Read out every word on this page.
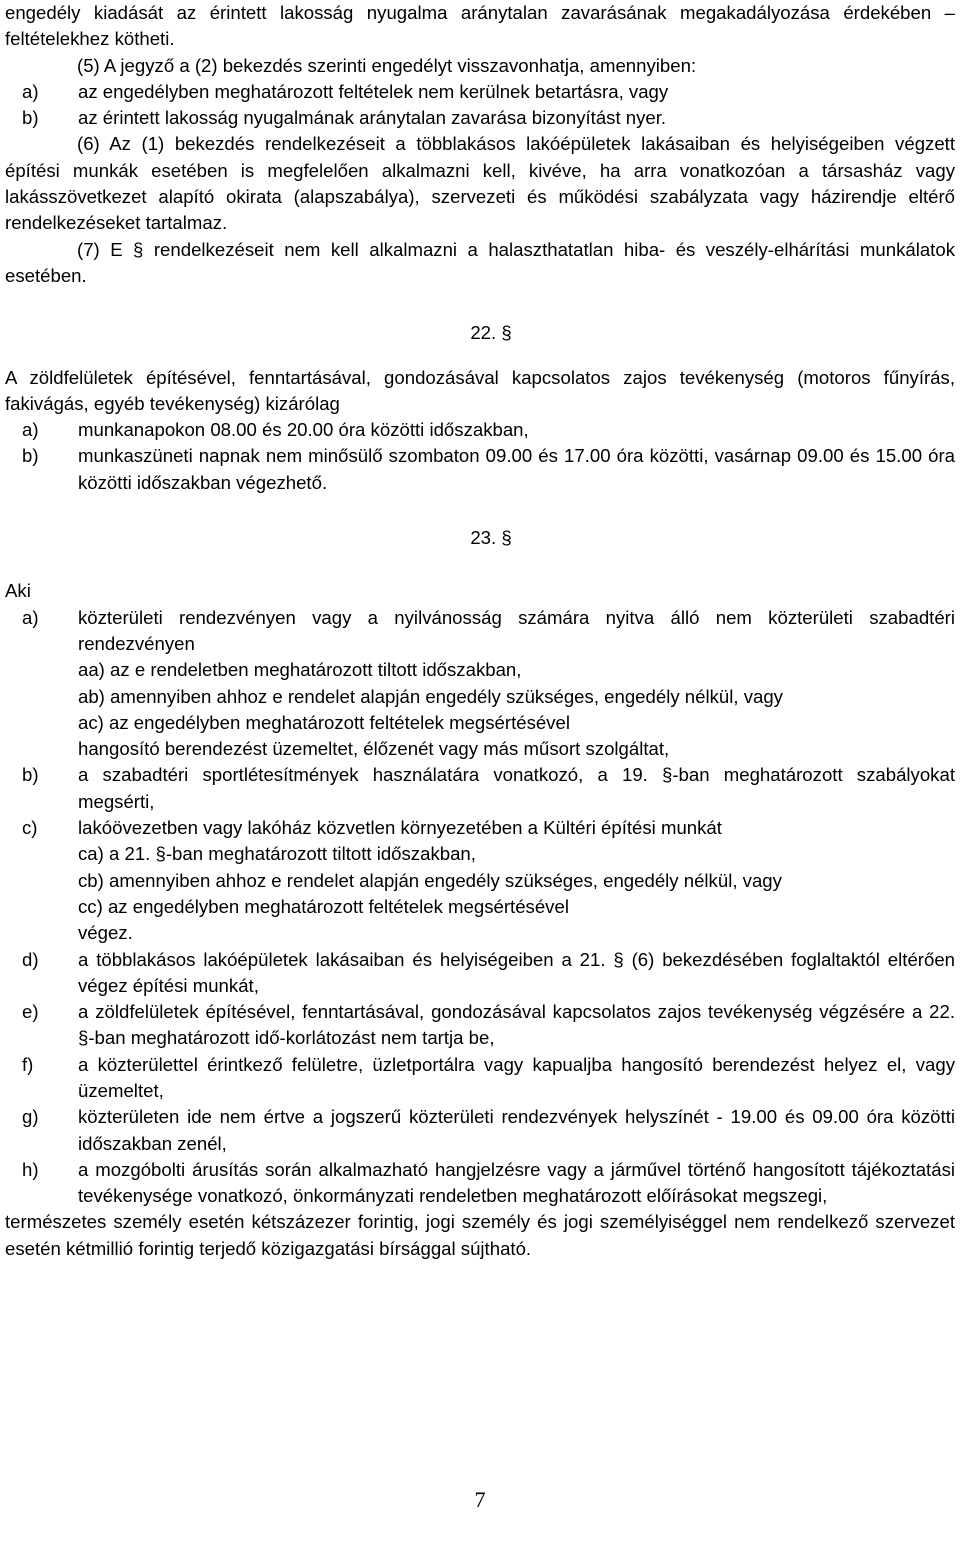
engedély kiadását az érintett lakosság nyugalma aránytalan zavarásának megakadályozása érdekében – feltételekhez kötheti.

(5) A jegyző a (2) bekezdés szerinti engedélyt visszavonhatja, amennyiben:

a)	az engedélyben meghatározott feltételek nem kerülnek betartásra, vagy
b)	az érintett lakosság nyugalmának aránytalan zavarása bizonyítást nyer.

(6) Az (1) bekezdés rendelkezéseit a többlakásos lakóépületek lakásaiban és helyiségeiben végzett építési munkák esetében is megfelelően alkalmazni kell, kivéve, ha arra vonatkozóan a társasház vagy lakásszövetkezet alapító okirata (alapszabálya), szervezeti és működési szabályzata vagy házirendje eltérő rendelkezéseket tartalmaz.

(7) E § rendelkezéseit nem kell alkalmazni a halaszthatatlan hiba- és veszély-elhárítási munkálatok esetében.

22. §

A zöldfelületek építésével, fenntartásával, gondozásával kapcsolatos zajos tevékenység (motoros fűnyírás, fakivágás, egyéb tevékenység) kizárólag

a)	munkanapokon 08.00 és 20.00 óra közötti időszakban,
b)	munkaszüneti napnak nem minősülő szombaton 09.00 és 17.00 óra közötti, vasárnap 09.00 és 15.00 óra közötti időszakban végezhető.

23. §

Aki

a)	közterületi rendezvényen vagy a nyilvánosság számára nyitva álló nem közterületi szabadtéri rendezvényen

aa) az e rendeletben meghatározott tiltott időszakban,

ab) amennyiben ahhoz e rendelet alapján engedély szükséges, engedély nélkül, vagy

ac) az engedélyben meghatározott feltételek megsértésével

hangosító berendezést üzemeltet, élőzenét vagy más műsort szolgáltat,

b)	a szabadtéri sportlétesítmények használatára vonatkozó, a 19. §-ban meghatározott szabályokat megsérti,
c)	lakóövezetben vagy lakóház közvetlen környezetében a Kültéri építési munkát

ca) a 21. §-ban meghatározott tiltott időszakban,

cb) amennyiben ahhoz e rendelet alapján engedély szükséges, engedély nélkül, vagy

cc) az engedélyben meghatározott feltételek megsértésével

végez.

d)	a többlakásos lakóépületek lakásaiban és helyiségeiben a 21. § (6) bekezdésében foglaltaktól eltérően végez építési munkát,
e)	a zöldfelületek építésével, fenntartásával, gondozásával kapcsolatos zajos tevékenység végzésére a 22. §-ban meghatározott idő-korlátozást nem tartja be,
f)	a közterülettel érintkező felületre, üzletportálra vagy kapualjba hangosító berendezést helyez el, vagy üzemeltet,
g)	közterületen ide nem értve a jogszerű közterületi rendezvények helyszínét - 19.00 és 09.00 óra közötti időszakban zenél,
h)	a mozgóbolti árusítás során alkalmazható hangjelzésre vagy a járművel történő hangosított tájékoztatási tevékenysége vonatkozó, önkormányzati rendeletben meghatározott előírásokat megszegi,

természetes személy esetén kétszázezer forintig, jogi személy és jogi személyiséggel nem rendelkező szervezet esetén kétmillió forintig terjedő közigazgatási bírsággal sújtható.

7
